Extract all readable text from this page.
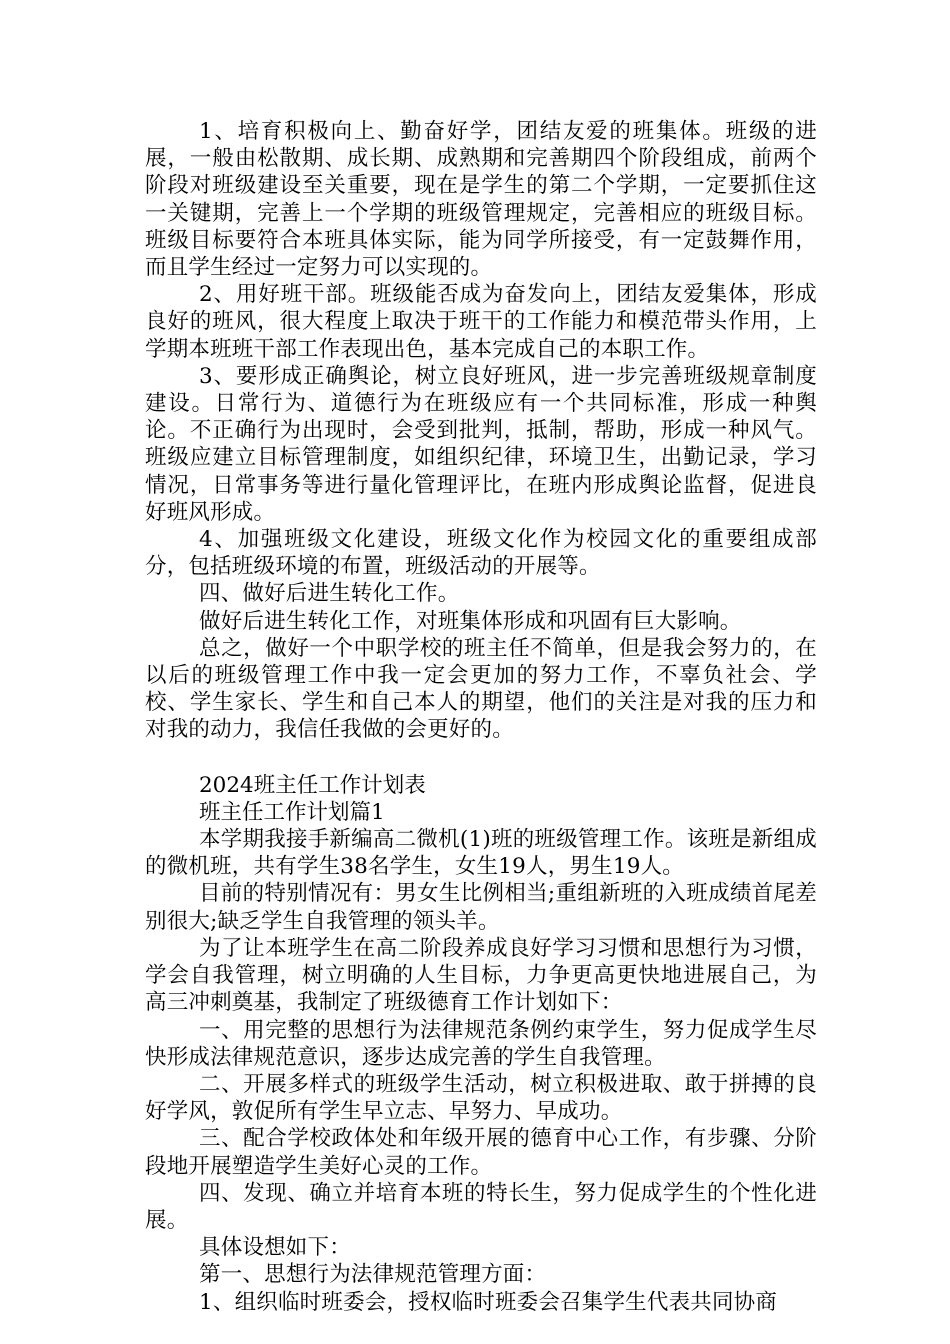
1、培育积极向上、勤奋好学，团结友爱的班集体。班级的进展，一般由松散期、成长期、成熟期和完善期四个阶段组成，前两个阶段对班级建设至关重要，现在是学生的第二个学期，一定要抓住这一关键期，完善上一个学期的班级管理规定，完善相应的班级目标。班级目标要符合本班具体实际，能为同学所接受，有一定鼓舞作用，而且学生经过一定努力可以实现的。

2、用好班干部。班级能否成为奋发向上，团结友爱集体，形成良好的班风，很大程度上取决于班干的工作能力和模范带头作用，上学期本班班干部工作表现出色，基本完成自己的本职工作。

3、要形成正确舆论，树立良好班风，进一步完善班级规章制度建设。日常行为、道德行为在班级应有一个共同标准，形成一种舆论。不正确行为出现时，会受到批判，抵制，帮助，形成一种风气。班级应建立目标管理制度，如组织纪律，环境卫生，出勤记录，学习情况，日常事务等进行量化管理评比，在班内形成舆论监督，促进良好班风形成。

4、加强班级文化建设，班级文化作为校园文化的重要组成部分，包括班级环境的布置，班级活动的开展等。

四、做好后进生转化工作。

做好后进生转化工作，对班集体形成和巩固有巨大影响。

总之，做好一个中职学校的班主任不简单，但是我会努力的，在以后的班级管理工作中我一定会更加的努力工作，不辜负社会、学校、学生家长、学生和自己本人的期望，他们的关注是对我的压力和对我的动力，我信任我做的会更好的。

2024班主任工作计划表

班主任工作计划篇1

本学期我接手新编高二微机(1)班的班级管理工作。该班是新组成的微机班，共有学生38名学生，女生19人，男生19人。

目前的特别情况有：男女生比例相当;重组新班的入班成绩首尾差别很大;缺乏学生自我管理的领头羊。

为了让本班学生在高二阶段养成良好学习习惯和思想行为习惯，学会自我管理，树立明确的人生目标，力争更高更快地进展自己，为高三冲刺奠基，我制定了班级德育工作计划如下：

一、用完整的思想行为法律规范条例约束学生，努力促成学生尽快形成法律规范意识，逐步达成完善的学生自我管理。

二、开展多样式的班级学生活动，树立积极进取、敢于拼搏的良好学风，敦促所有学生早立志、早努力、早成功。

三、配合学校政体处和年级开展的德育中心工作，有步骤、分阶段地开展塑造学生美好心灵的工作。

四、发现、确立并培育本班的特长生，努力促成学生的个性化进展。

具体设想如下：

第一、思想行为法律规范管理方面：

1、组织临时班委会，授权临时班委会召集学生代表共同协商
